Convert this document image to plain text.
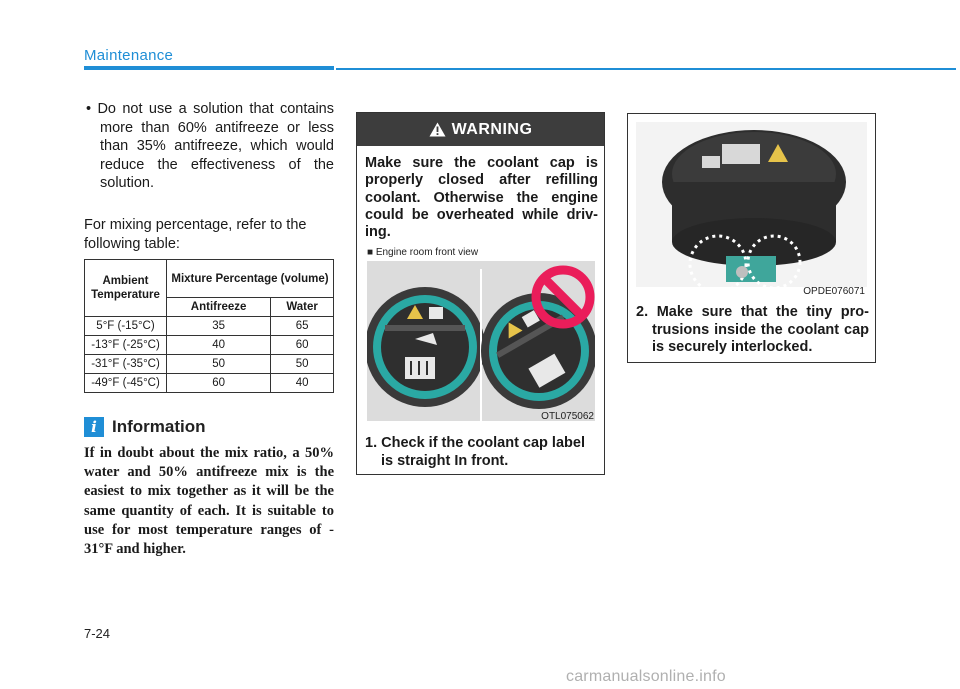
Maintenance

• Do not use a solution that contains more than 60% antifreeze or less than 35% antifreeze, which would reduce the effectiveness of the solution.

For mixing percentage, refer to the following table:

Ambient Temperature	Mixture Percentage (volume)	
	Antifreeze	Water
5°F (-15°C)	35	65
-13°F (-25°C)	40	60
-31°F (-35°C)	50	50
-49°F (-45°C)	60	40
i Information

If in doubt about the mix ratio, a 50% water and 50% antifreeze mix is the easiest to mix together as it will be the same quantity of each. It is suitable to use for most temperature ranges of - 31°F and higher.

WARNING

Make sure the coolant cap is properly closed after refilling coolant. Otherwise the engine could be overheated while driv-ing.

■ Engine room front view
OTL075062

1. Check if the coolant cap label is straight In front.

OPDE076071

2. Make sure that the tiny pro-trusions inside the coolant cap is securely interlocked.

7-24
carmanualsonline.info
